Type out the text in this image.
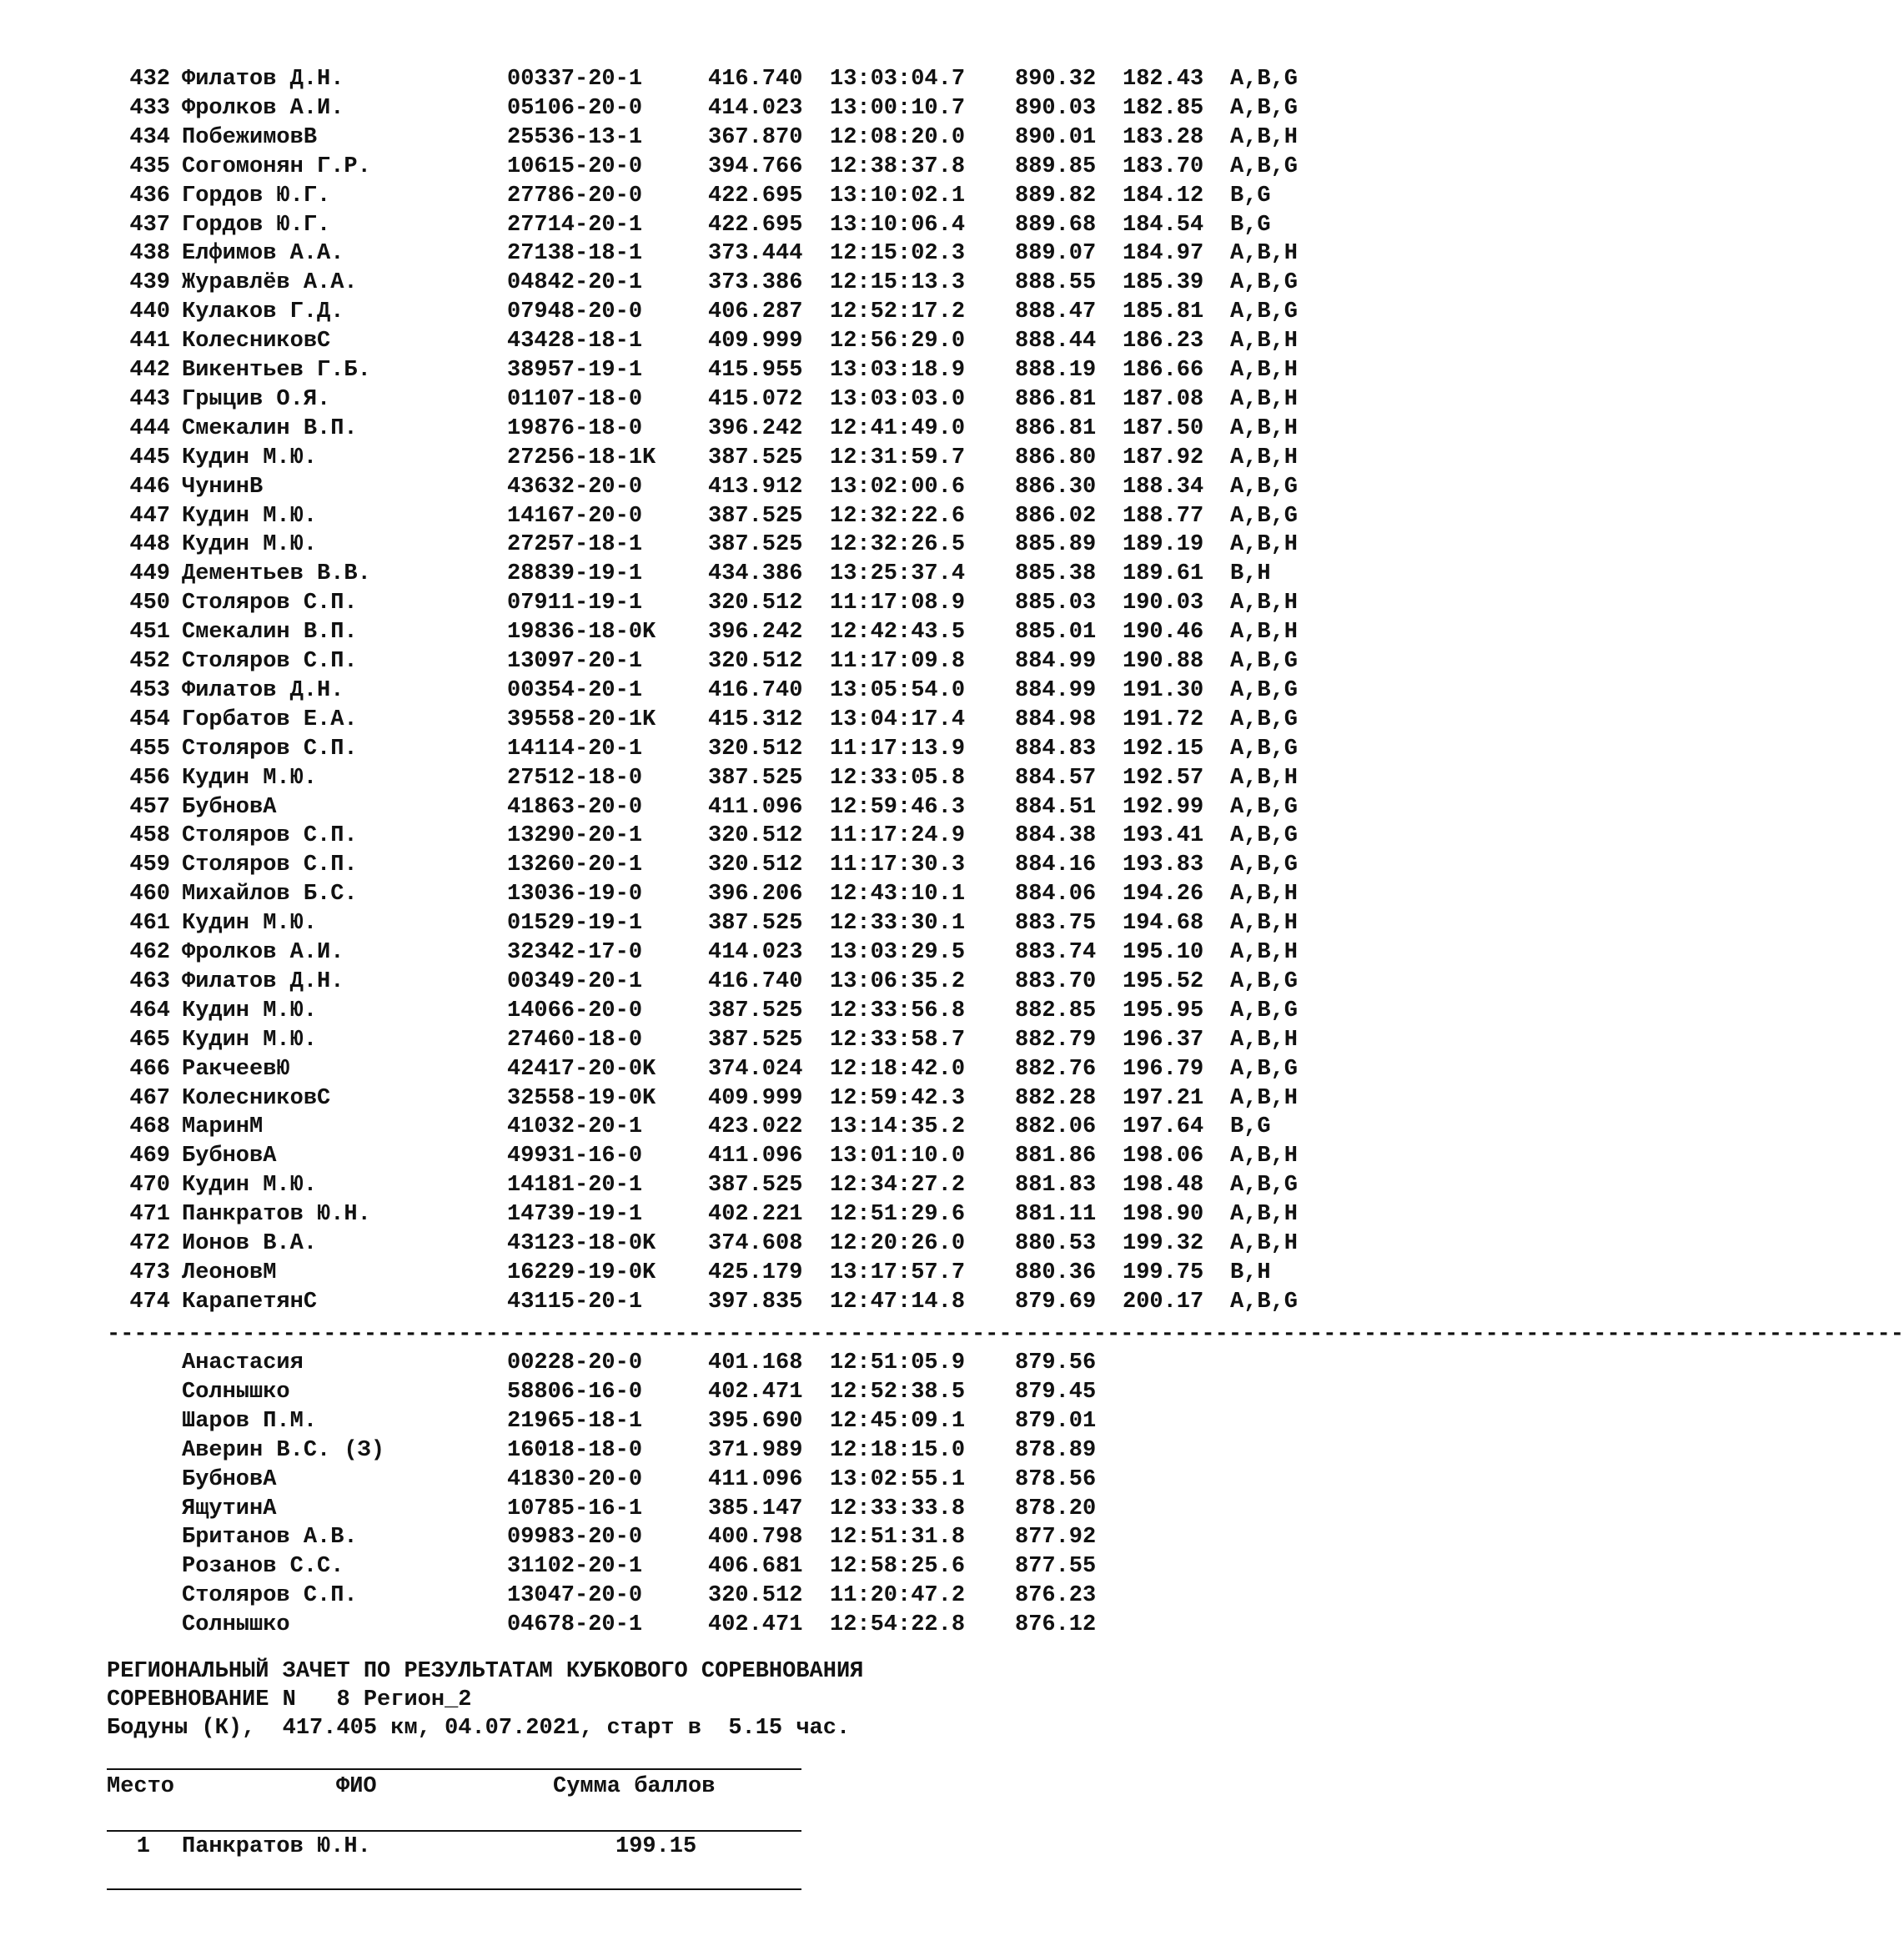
432 Филатов Д.Н.	00337-20-1	416.740 13:03:04.7 890.32 182.43 A,B,G
433 Фролков А.И.	05106-20-0	414.023 13:00:10.7 890.03 182.85 A,B,G
434 ПобежимовВ	25536-13-1	367.870 12:08:20.0 890.01 183.28 A,B,H
435 Согомонян Г.Р.	10615-20-0	394.766 12:38:37.8 889.85 183.70 A,B,G
436 Гордов Ю.Г.	27786-20-0	422.695 13:10:02.1 889.82 184.12 B,G
437 Гордов Ю.Г.	27714-20-1	422.695 13:10:06.4 889.68 184.54 B,G
438 Елфимов А.А.	27138-18-1	373.444 12:15:02.3 889.07 184.97 A,B,H
439 Журавлёв А.А.	04842-20-1	373.386 12:15:13.3 888.55 185.39 A,B,G
440 Кулаков Г.Д.	07948-20-0	406.287 12:52:17.2 888.47 185.81 A,B,G
441 КолесниковС	43428-18-1	409.999 12:56:29.0 888.44 186.23 A,B,H
442 Викентьев Г.Б.	38957-19-1	415.955 13:03:18.9 888.19 186.66 A,B,H
443 Грыцив О.Я.	01107-18-0	415.072 13:03:03.0 886.81 187.08 A,B,H
444 Смекалин В.П.	19876-18-0	396.242 12:41:49.0 886.81 187.50 A,B,H
445 Кудин М.Ю.	27256-18-1K 387.525 12:31:59.7 886.80 187.92 A,B,H
446 ЧунинВ	43632-20-0	413.912 13:02:00.6 886.30 188.34 A,B,G
447 Кудин М.Ю.	14167-20-0	387.525 12:32:22.6 886.02 188.77 A,B,G
448 Кудин М.Ю.	27257-18-1	387.525 12:32:26.5 885.89 189.19 A,B,H
449 Дементьев В.В.	28839-19-1	434.386 13:25:37.4 885.38 189.61 B,H
450 Столяров С.П.	07911-19-1	320.512 11:17:08.9 885.03 190.03 A,B,H
451 Смекалин В.П.	19836-18-0K 396.242 12:42:43.5 885.01 190.46 A,B,H
452 Столяров С.П.	13097-20-1	320.512 11:17:09.8 884.99 190.88 A,B,G
453 Филатов Д.Н.	00354-20-1	416.740 13:05:54.0 884.99 191.30 A,B,G
454 Горбатов Е.А.	39558-20-1K 415.312 13:04:17.4 884.98 191.72 A,B,G
455 Столяров С.П.	14114-20-1	320.512 11:17:13.9 884.83 192.15 A,B,G
456 Кудин М.Ю.	27512-18-0	387.525 12:33:05.8 884.57 192.57 A,B,H
457 БубновА	41863-20-0	411.096 12:59:46.3 884.51 192.99 A,B,G
458 Столяров С.П.	13290-20-1	320.512 11:17:24.9 884.38 193.41 A,B,G
459 Столяров С.П.	13260-20-1	320.512 11:17:30.3 884.16 193.83 A,B,G
460 Михайлов Б.С.	13036-19-0	396.206 12:43:10.1 884.06 194.26 A,B,H
461 Кудин М.Ю.	01529-19-1	387.525 12:33:30.1 883.75 194.68 A,B,H
462 Фролков А.И.	32342-17-0	414.023 13:03:29.5 883.74 195.10 A,B,H
463 Филатов Д.Н.	00349-20-1	416.740 13:06:35.2 883.70 195.52 A,B,G
464 Кудин М.Ю.	14066-20-0	387.525 12:33:56.8 882.85 195.95 A,B,G
465 Кудин М.Ю.	27460-18-0	387.525 12:33:58.7 882.79 196.37 A,B,H
466 РакчеевЮ	42417-20-0K 374.024 12:18:42.0 882.76 196.79 A,B,G
467 КолесниковС	32558-19-0K 409.999 12:59:42.3 882.28 197.21 A,B,H
468 МаринМ	41032-20-1	423.022 13:14:35.2 882.06 197.64 B,G
469 БубновА	49931-16-0	411.096 13:01:10.0 881.86 198.06 A,B,H
470 Кудин М.Ю.	14181-20-1	387.525 12:34:27.2 881.83 198.48 A,B,G
471 Панкратов Ю.Н.	14739-19-1	402.221 12:51:29.6 881.11 198.90 A,B,H
472 Ионов В.А.	43123-18-0K 374.608 12:20:26.0 880.53 199.32 A,B,H
473 ЛеоновМ	16229-19-0K 425.179 13:17:57.7 880.36 199.75 B,H
474 КарапетянС	43115-20-1	397.835 12:47:14.8 879.69 200.17 A,B,G
-------------------------------------------------------------------------------------------------------------------------------------
Анастасия	00228-20-0	401.168 12:51:05.9 879.56
Солнышко	58806-16-0	402.471 12:52:38.5 879.45
Шаров П.М.	21965-18-1	395.690 12:45:09.1 879.01
Аверин В.С. (З)	16018-18-0	371.989 12:18:15.0 878.89
БубновА	41830-20-0	411.096 13:02:55.1 878.56
ЯщутинА	10785-16-1	385.147 12:33:33.8 878.20
Британов А.В.	09983-20-0	400.798 12:51:31.8 877.92
Розанов С.С.	31102-20-1	406.681 12:58:25.6 877.55
Столяров С.П.	13047-20-0	320.512 11:20:47.2 876.23
Солнышко	04678-20-1	402.471 12:54:22.8 876.12
РЕГИОНАЛЬНЫЙ ЗАЧЕТ ПО РЕЗУЛЬТАТАМ КУБКОВОГО СОРЕВНОВАНИЯ
СОРЕВНОВАНИЕ N   8 Регион_2
Бодуны (К),  417.405 км, 04.07.2021, старт в  5.15 час.
Место	ФИО	Сумма баллов
1 Панкратов Ю.Н.	199.15
